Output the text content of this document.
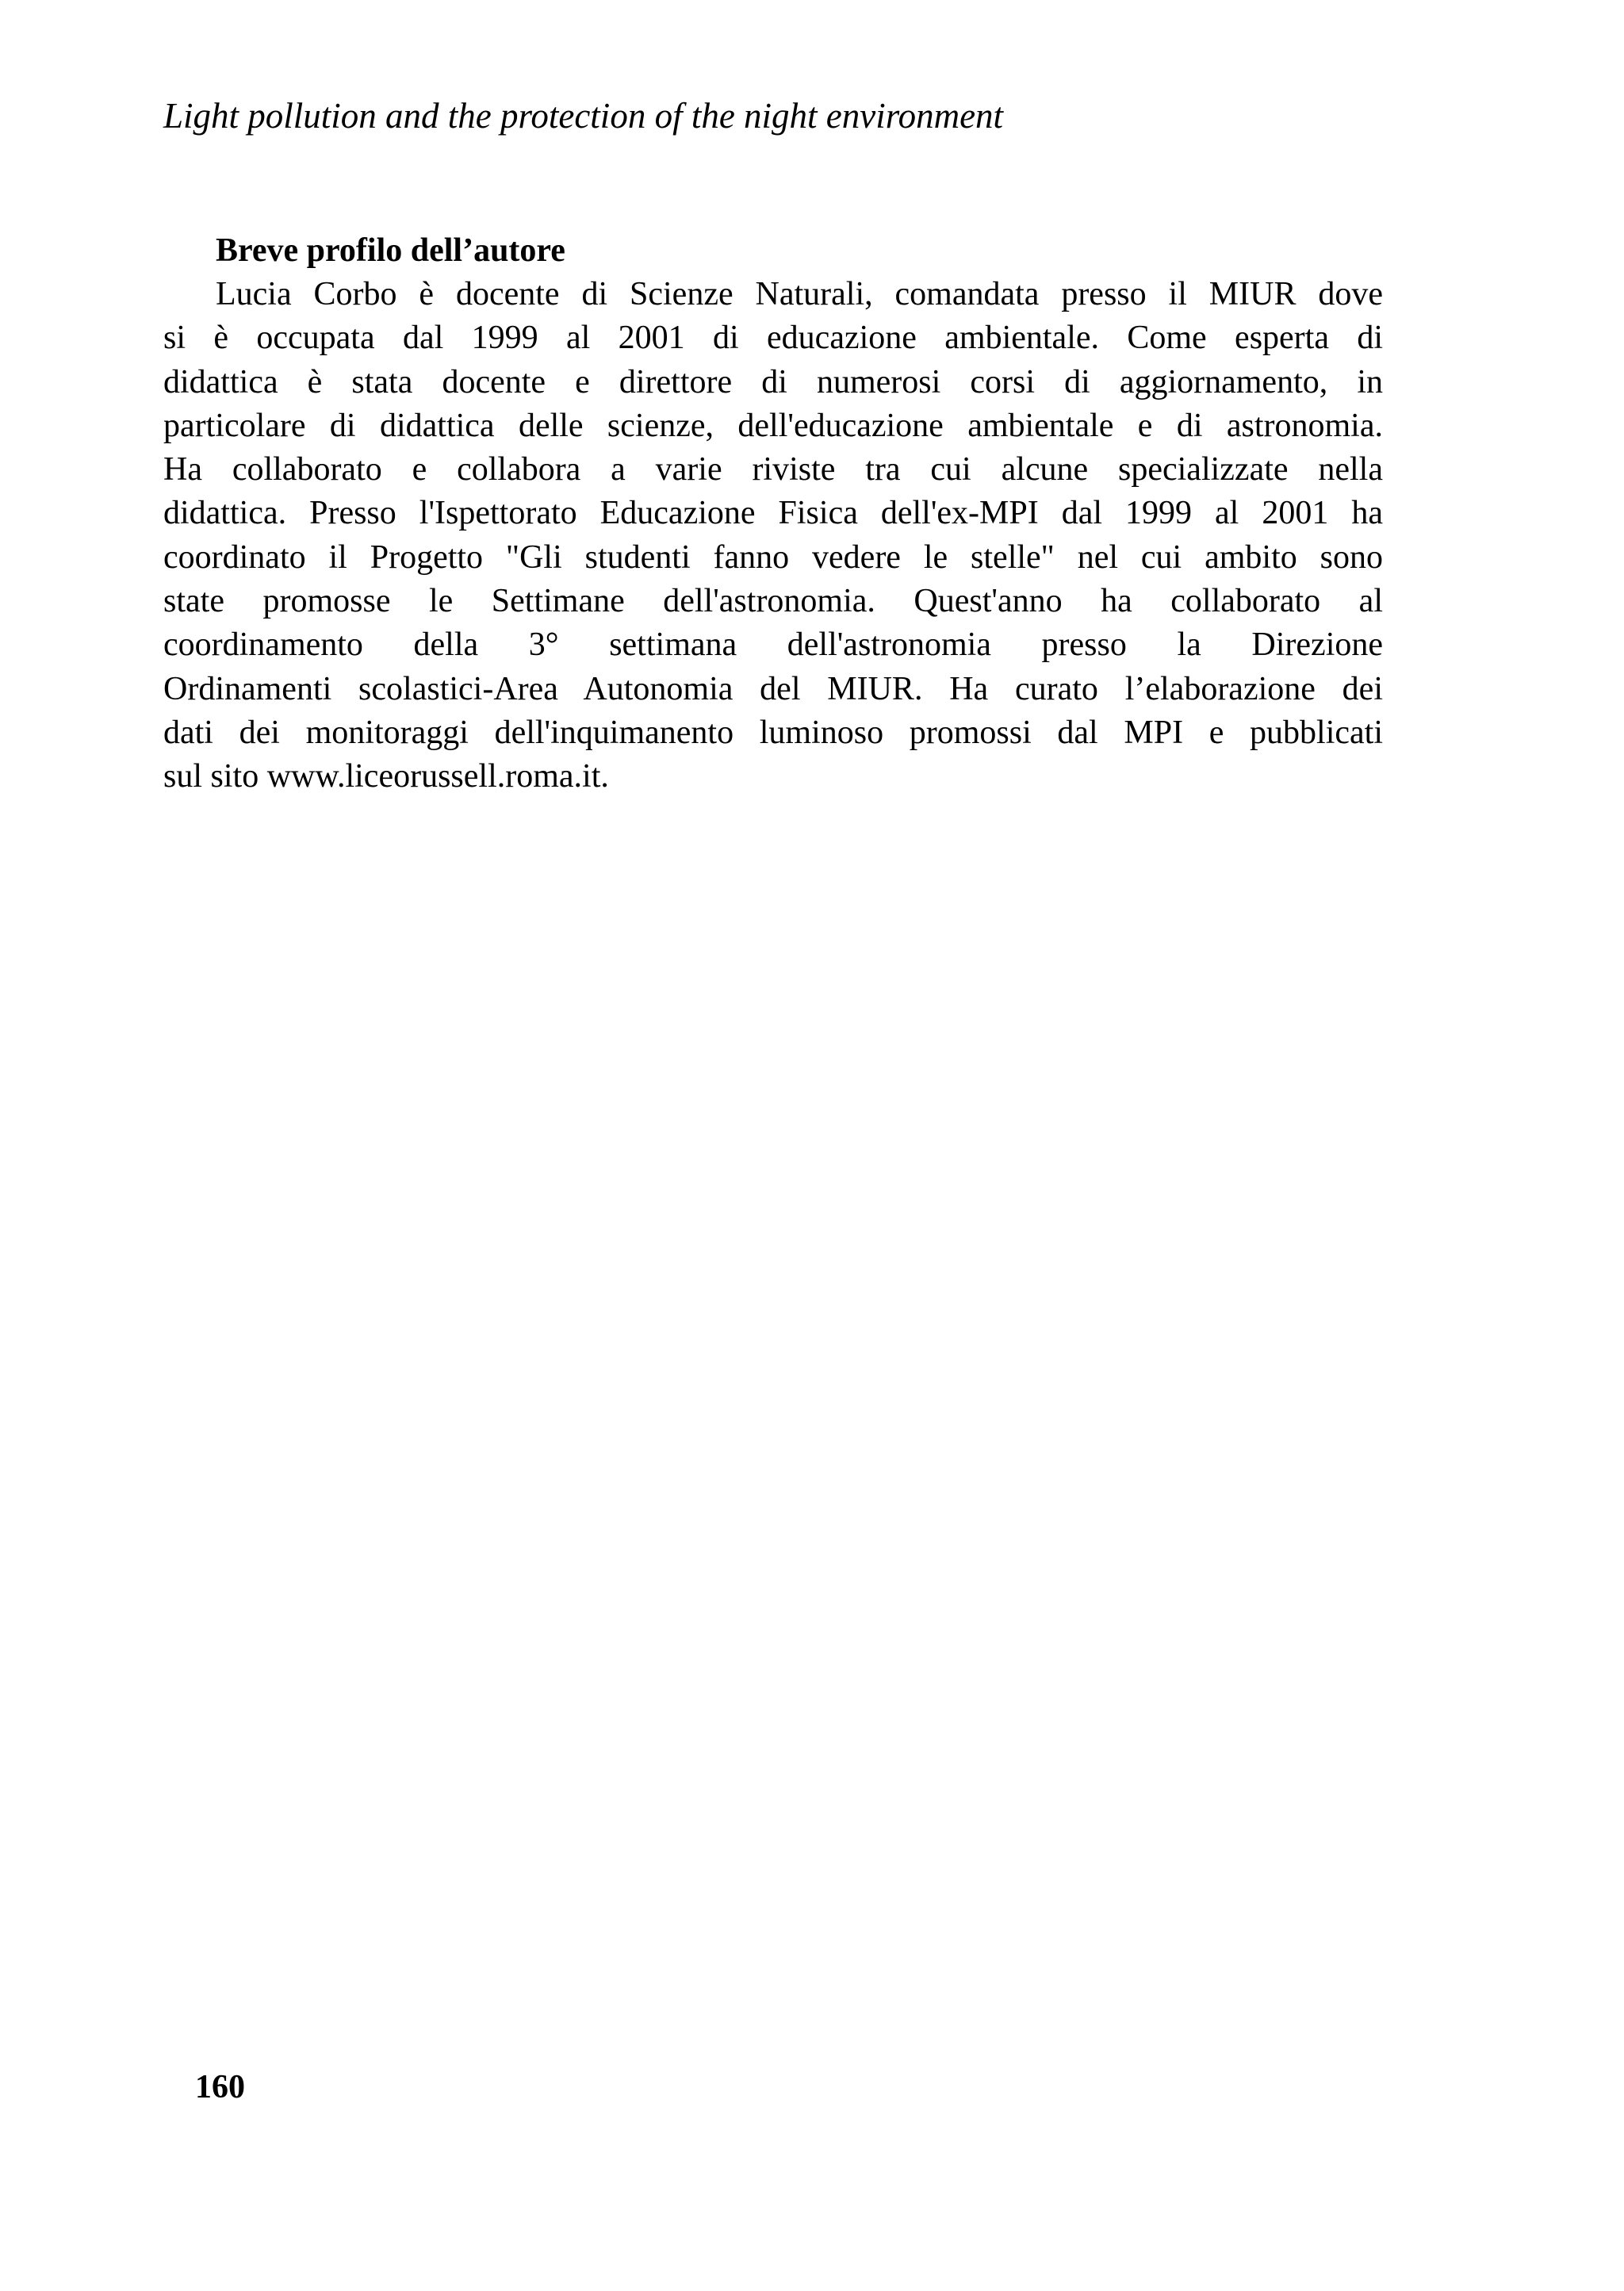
Light pollution and the protection of the night environment
Breve profilo dell’autore
Lucia Corbo è docente di Scienze Naturali, comandata presso il MIUR dove
si è occupata dal 1999 al 2001 di educazione ambientale. Come esperta di
didattica è stata docente e direttore di numerosi corsi di aggiornamento, in
particolare di didattica delle scienze, dell'educazione ambientale e di astronomia.
Ha collaborato e collabora a varie riviste tra cui alcune specializzate nella
didattica. Presso l'Ispettorato Educazione Fisica dell'ex-MPI dal 1999 al 2001 ha
coordinato il Progetto "Gli studenti fanno vedere le stelle" nel cui ambito sono
state promosse le Settimane dell'astronomia. Quest'anno ha collaborato al
coordinamento della 3° settimana dell'astronomia presso la Direzione
Ordinamenti scolastici-Area Autonomia del MIUR. Ha curato l’elaborazione dei
dati dei monitoraggi dell'inquimanento luminoso promossi dal MPI e pubblicati
sul sito www.liceorussell.roma.it.
160
